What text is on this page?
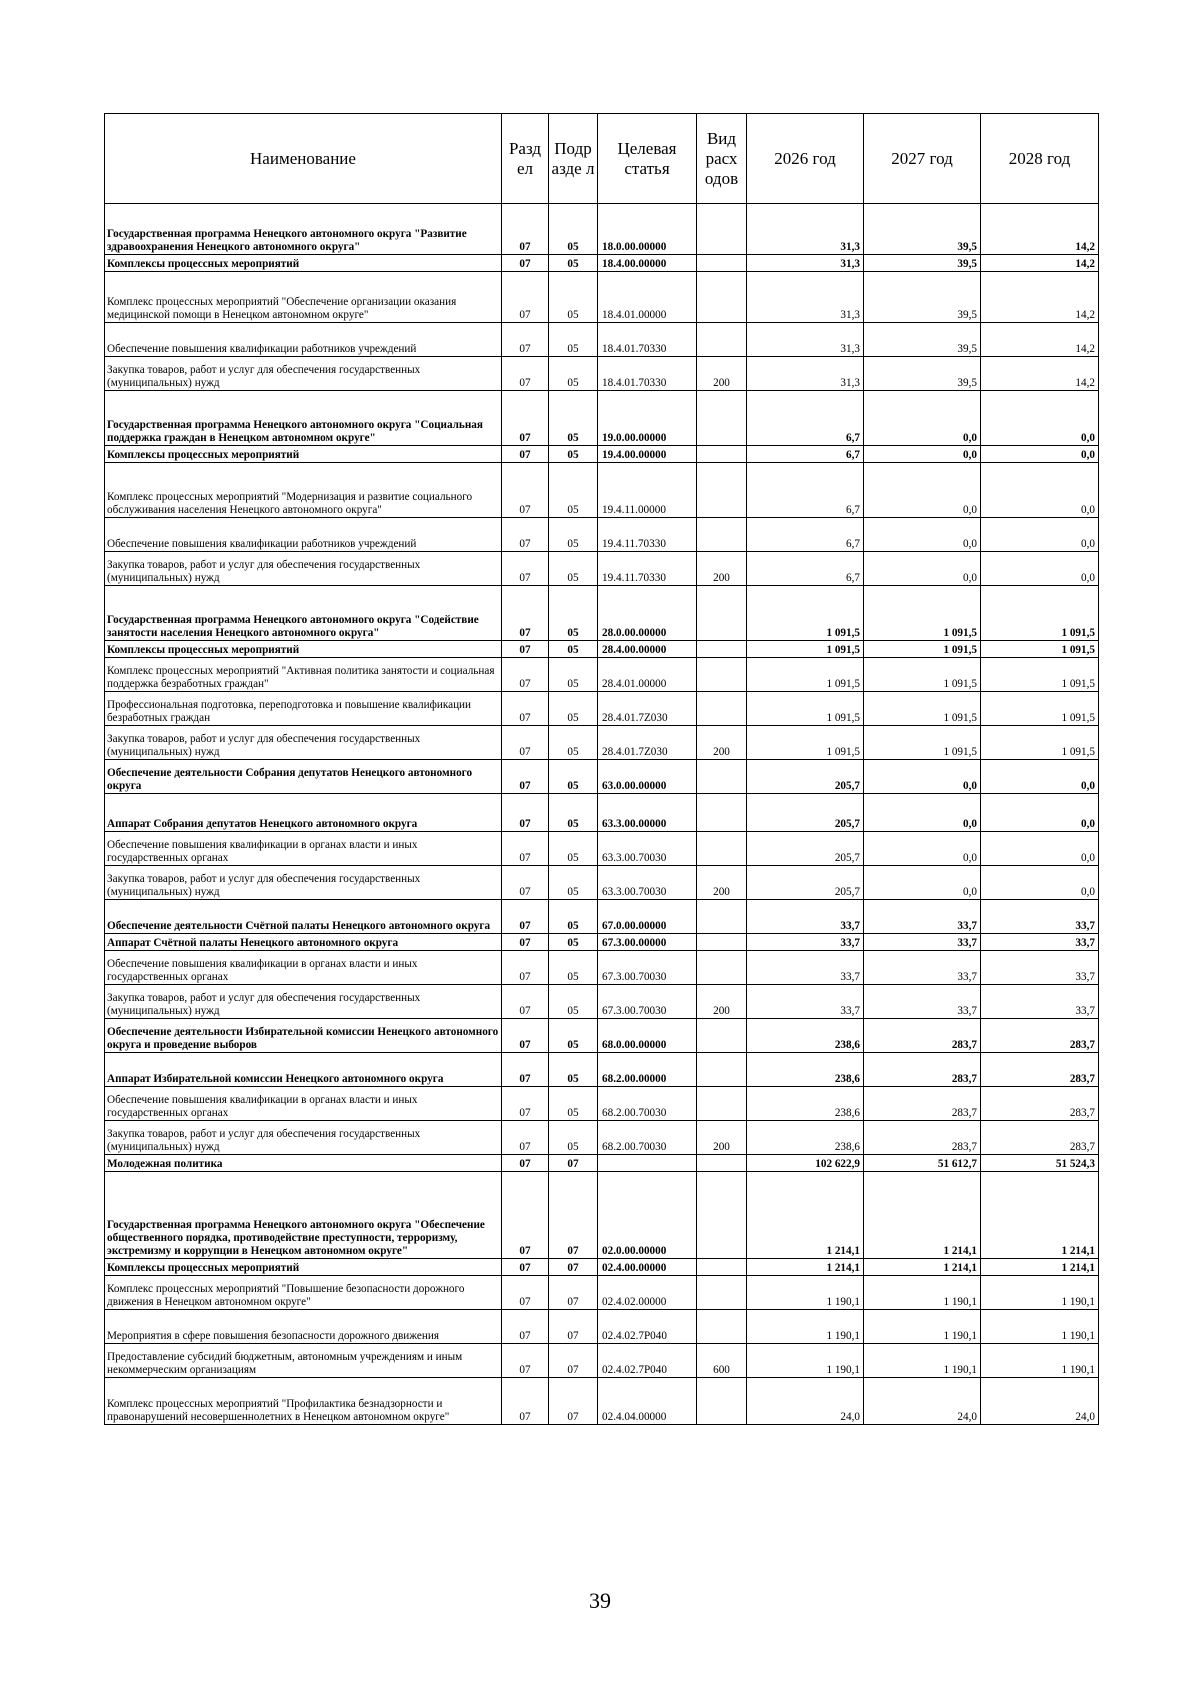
Наименование	Разд ел	Подр азде л	Целевая статья	Вид расх одов	2026 год	2027 год	2028 год
Государственная программа Ненецкого автономного округа "Развитие здравоохранения Ненецкого автономного округа"	07	05	18.0.00.00000		31,3	39,5	14,2
Комплексы процессных мероприятий	07	05	18.4.00.00000		31,3	39,5	14,2
Комплекс процессных мероприятий "Обеспечение организации оказания медицинской помощи в Ненецком автономном округе"	07	05	18.4.01.00000		31,3	39,5	14,2
Обеспечение повышения квалификации работников учреждений	07	05	18.4.01.70330		31,3	39,5	14,2
Закупка товаров, работ и услуг для обеспечения государственных (муниципальных) нужд	07	05	18.4.01.70330	200	31,3	39,5	14,2
Государственная программа Ненецкого автономного округа "Социальная поддержка граждан в Ненецком автономном округе"	07	05	19.0.00.00000		6,7	0,0	0,0
Комплексы процессных мероприятий	07	05	19.4.00.00000		6,7	0,0	0,0
Комплекс процессных мероприятий "Модернизация и развитие социального обслуживания населения Ненецкого автономного округа"	07	05	19.4.11.00000		6,7	0,0	0,0
Обеспечение повышения квалификации работников учреждений	07	05	19.4.11.70330		6,7	0,0	0,0
Закупка товаров, работ и услуг для обеспечения государственных (муниципальных) нужд	07	05	19.4.11.70330	200	6,7	0,0	0,0
Государственная программа Ненецкого автономного округа "Содействие занятости населения Ненецкого автономного округа"	07	05	28.0.00.00000		1 091,5	1 091,5	1 091,5
Комплексы процессных мероприятий	07	05	28.4.00.00000		1 091,5	1 091,5	1 091,5
Комплекс процессных мероприятий "Активная политика занятости и социальная поддержка безработных граждан"	07	05	28.4.01.00000		1 091,5	1 091,5	1 091,5
Профессиональная подготовка, переподготовка и повышение квалификации безработных граждан	07	05	28.4.01.7Z030		1 091,5	1 091,5	1 091,5
Закупка товаров, работ и услуг для обеспечения государственных (муниципальных) нужд	07	05	28.4.01.7Z030	200	1 091,5	1 091,5	1 091,5
Обеспечение деятельности Собрания депутатов Ненецкого автономного округа	07	05	63.0.00.00000		205,7	0,0	0,0
Аппарат Собрания депутатов Ненецкого автономного округа	07	05	63.3.00.00000		205,7	0,0	0,0
Обеспечение повышения квалификации в органах власти и иных государственных органах	07	05	63.3.00.70030		205,7	0,0	0,0
Закупка товаров, работ и услуг для обеспечения государственных (муниципальных) нужд	07	05	63.3.00.70030	200	205,7	0,0	0,0
Обеспечение деятельности Счётной палаты Ненецкого автономного округа	07	05	67.0.00.00000		33,7	33,7	33,7
Аппарат Счётной палаты Ненецкого автономного округа	07	05	67.3.00.00000		33,7	33,7	33,7
Обеспечение повышения квалификации в органах власти и иных государственных органах	07	05	67.3.00.70030		33,7	33,7	33,7
Закупка товаров, работ и услуг для обеспечения государственных (муниципальных) нужд	07	05	67.3.00.70030	200	33,7	33,7	33,7
Обеспечение деятельности Избирательной комиссии Ненецкого автономного округа и проведение выборов	07	05	68.0.00.00000		238,6	283,7	283,7
Аппарат Избирательной комиссии Ненецкого автономного округа	07	05	68.2.00.00000		238,6	283,7	283,7
Обеспечение повышения квалификации в органах власти и иных государственных органах	07	05	68.2.00.70030		238,6	283,7	283,7
Закупка товаров, работ и услуг для обеспечения государственных (муниципальных) нужд	07	05	68.2.00.70030	200	238,6	283,7	283,7
Молодежная политика	07	07			102 622,9	51 612,7	51 524,3
Государственная программа Ненецкого автономного округа "Обеспечение общественного порядка, противодействие преступности, терроризму, экстремизму и коррупции в Ненецком автономном округе"	07	07	02.0.00.00000		1 214,1	1 214,1	1 214,1
Комплексы процессных мероприятий	07	07	02.4.00.00000		1 214,1	1 214,1	1 214,1
Комплекс процессных мероприятий "Повышение безопасности дорожного движения в Ненецком автономном округе"	07	07	02.4.02.00000		1 190,1	1 190,1	1 190,1
Мероприятия в сфере повышения безопасности дорожного движения	07	07	02.4.02.7P040		1 190,1	1 190,1	1 190,1
Предоставление субсидий бюджетным, автономным учреждениям и иным некоммерческим организациям	07	07	02.4.02.7P040	600	1 190,1	1 190,1	1 190,1
Комплекс процессных мероприятий "Профилактика безнадзорности и правонарушений несовершеннолетних в Ненецком автономном округе"	07	07	02.4.04.00000		24,0	24,0	24,0
39
